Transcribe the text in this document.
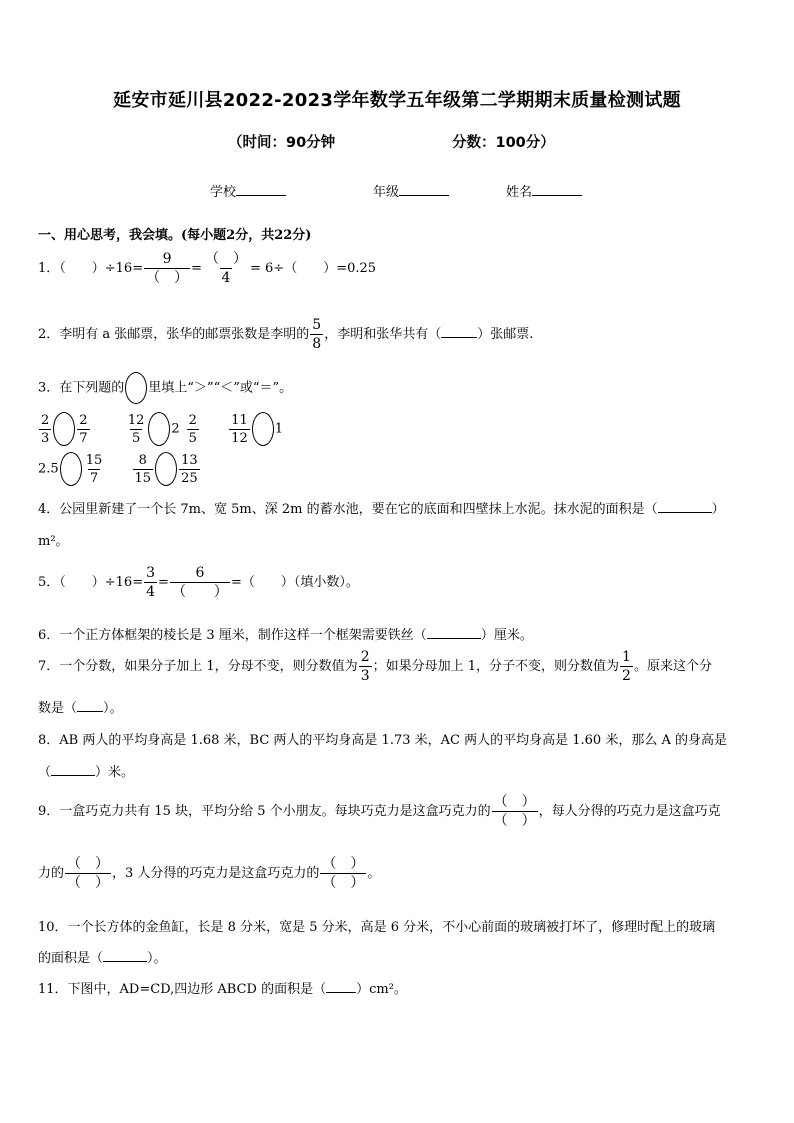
延安市延川县2022-2023学年数学五年级第二学期期末质量检测试题
（时间：90分钟	分数：100分）
学校	年级	姓名
一、用心思考，我会填。(每小题2分，共22分)
1．（　　）$\div 16= \frac{9}{( )} = \frac{( )}{4} = 6\div$（　　）=0.25
2．李明有 a 张邮票，张华的邮票张数是李明的 $\frac{5}{8}$ ，李明和张华共有（	）张邮票.
3．在下列题的 里填上“＞”“＜”或“＝”。
$\frac{2}{3} \frac{2}{7}$
	$\frac{12}{5} 2 \frac{2}{5}$
$\frac{11}{12} 1$
$2.5 \frac{15}{7}$
$\frac{8}{15} \frac{13}{25}$
4．公园里新建了一个长 7m、宽 5m、深 2m 的蓄水池，要在它的底面和四壁抹上水泥。抹水泥的面积是（	）
m²。
5．（　　）$\div 16= \frac{3}{4} = \frac{6}{( )}$ =（　　）（填小数）。
6．一个正方体框架的棱长是 3 厘米，制作这样一个框架需要铁丝（	）厘米。
7．一个分数，如果分子加上 1，分母不变，则分数值为 $\frac{2}{3}$ ；如果分母加上 1，分子不变，则分数值为 $\frac{1}{2}$ 。原来这个分
数是（ ）。
8．AB 两人的平均身高是 1.68 米，BC 两人的平均身高是 1.73 米，AC 两人的平均身高是 1.60 米，那么 A 的身高是
（	）米。
9．一盒巧克力共有 15 块，平均分给 5 个小朋友。每块巧克力是这盒巧克力的 $\frac{( )}{( )}$ ，每人分得的巧克力是这盒巧克
力的 $\frac{( )}{( )}$ ，3 人分得的巧克力是这盒巧克力的 $\frac{( )}{( )}$ 。
10．一个长方体的金鱼缸，长是 8 分米，宽是 5 分米，高是 6 分米，不小心前面的玻璃被打坏了，修理时配上的玻璃
的面积是（	）。
11．下图中，AD=CD,四边形 ABCD 的面积是（ ）cm²。
